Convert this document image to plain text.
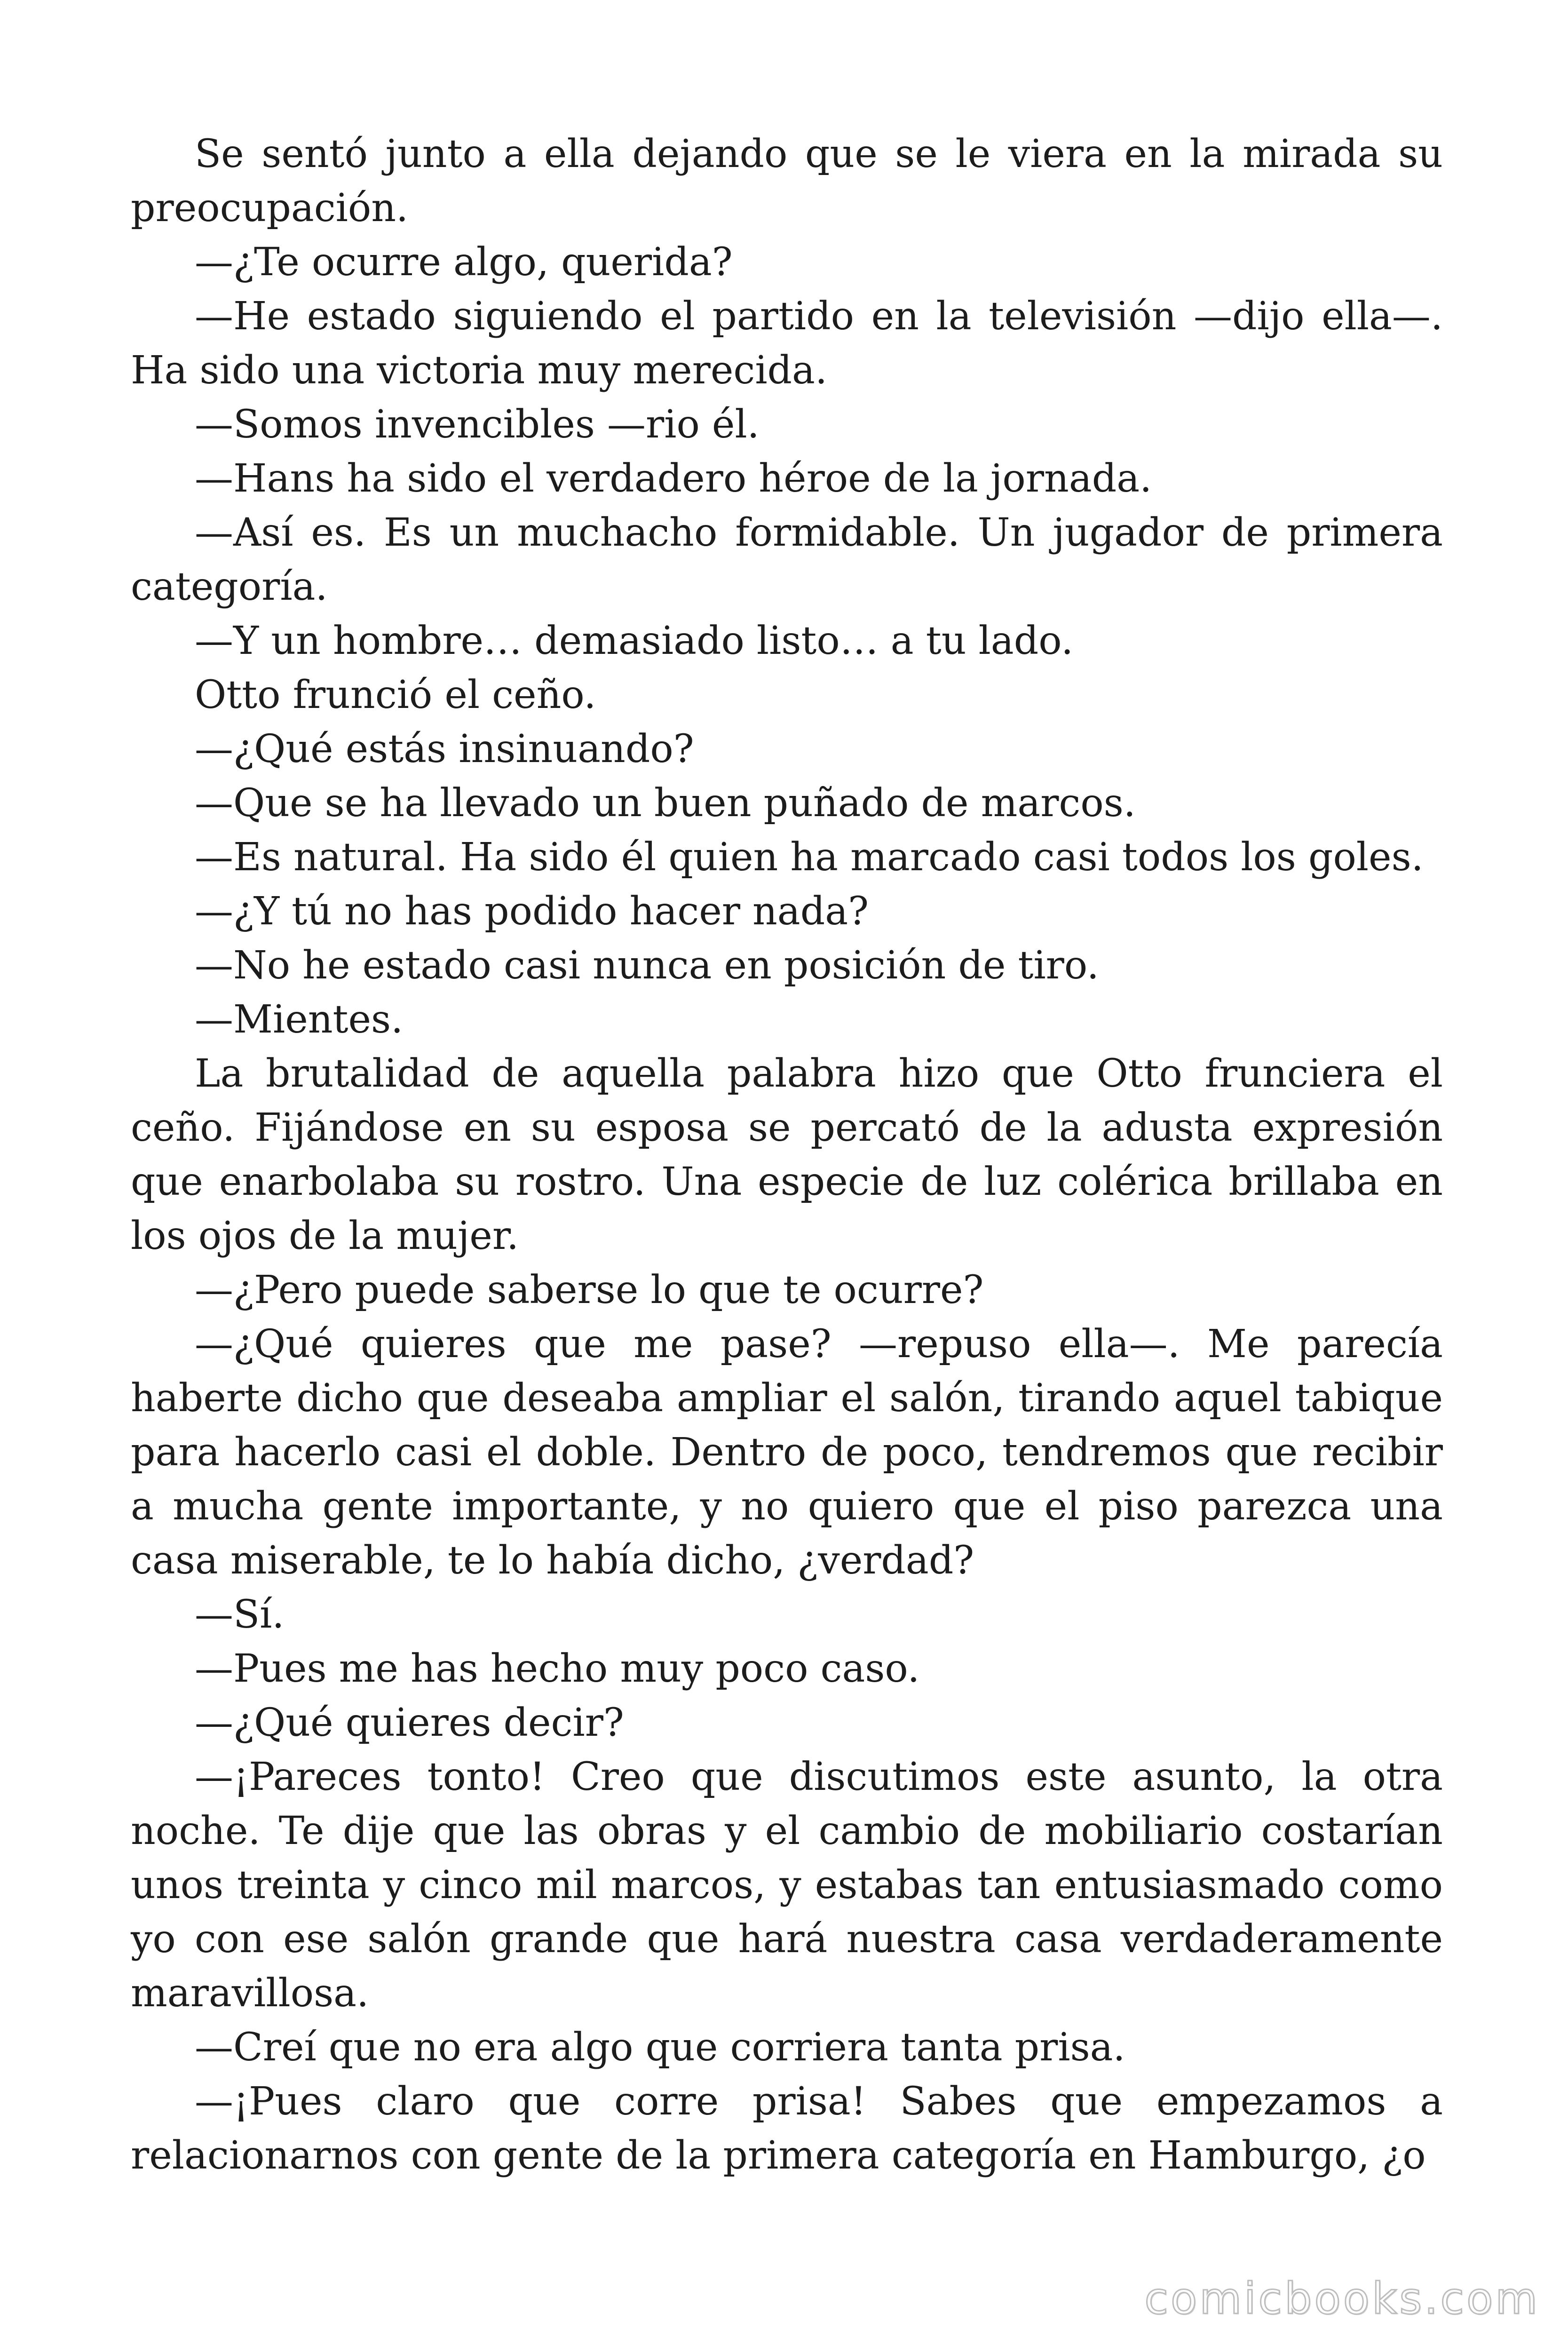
Se sentó junto a ella dejando que se le viera en la mirada su preocupación.

—¿Te ocurre algo, querida?

—He estado siguiendo el partido en la televisión —dijo ella—. Ha sido una victoria muy merecida.

—Somos invencibles —rio él.

—Hans ha sido el verdadero héroe de la jornada.

—Así es. Es un muchacho formidable. Un jugador de primera categoría.

—Y un hombre… demasiado listo… a tu lado.

Otto frunció el ceño.

—¿Qué estás insinuando?

—Que se ha llevado un buen puñado de marcos.

—Es natural. Ha sido él quien ha marcado casi todos los goles.

—¿Y tú no has podido hacer nada?

—No he estado casi nunca en posición de tiro.

—Mientes.

La brutalidad de aquella palabra hizo que Otto frunciera el ceño. Fijándose en su esposa se percató de la adusta expresión que enarbolaba su rostro. Una especie de luz colérica brillaba en los ojos de la mujer.

—¿Pero puede saberse lo que te ocurre?

—¿Qué quieres que me pase? —repuso ella—. Me parecía haberte dicho que deseaba ampliar el salón, tirando aquel tabique para hacerlo casi el doble. Dentro de poco, tendremos que recibir a mucha gente importante, y no quiero que el piso parezca una casa miserable, te lo había dicho, ¿verdad?

—Sí.

—Pues me has hecho muy poco caso.

—¿Qué quieres decir?

—¡Pareces tonto! Creo que discutimos este asunto, la otra noche. Te dije que las obras y el cambio de mobiliario costarían unos treinta y cinco mil marcos, y estabas tan entusiasmado como yo con ese salón grande que hará nuestra casa verdaderamente maravillosa.

—Creí que no era algo que corriera tanta prisa.

—¡Pues claro que corre prisa! Sabes que empezamos a relacionarnos con gente de la primera categoría en Hamburgo, ¿o

comicbooks.com
